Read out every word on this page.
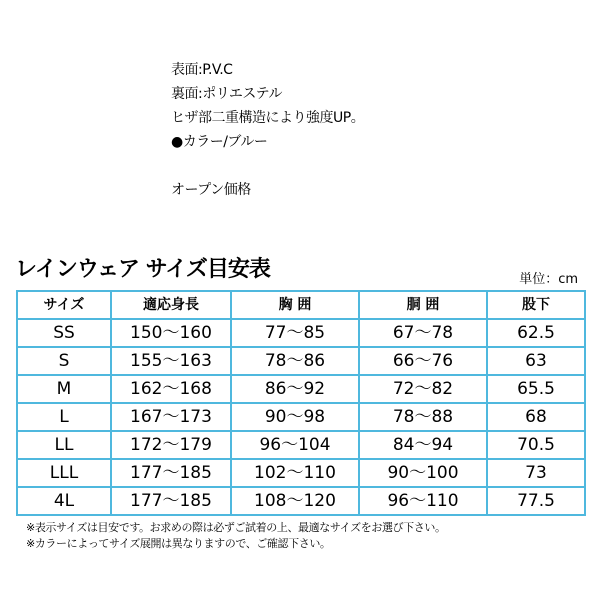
表面:P.V.C
裏面:ポリエステル
ヒザ部二重構造により強度UP。
●カラー/ブルー
オープン価格
レインウェア サイズ目安表	単位：cm
サイズ	適応身長	胸 囲	胴 囲	股下
SS	150～160	77～85	67～78	62.5
S	155～163	78～86	66～76	63
M	162～168	86～92	72～82	65.5
L	167～173	90～98	78～88	68
LL	172～179	96～104	84～94	70.5
LLL	177～185	102～110	90～100	73
4L	177～185	108～120	96～110	77.5
※表示サイズは目安です。お求めの際は必ずご試着の上、最適なサイズをお選び下さい。
※カラーによってサイズ展開は異なりますので、ご確認下さい。
